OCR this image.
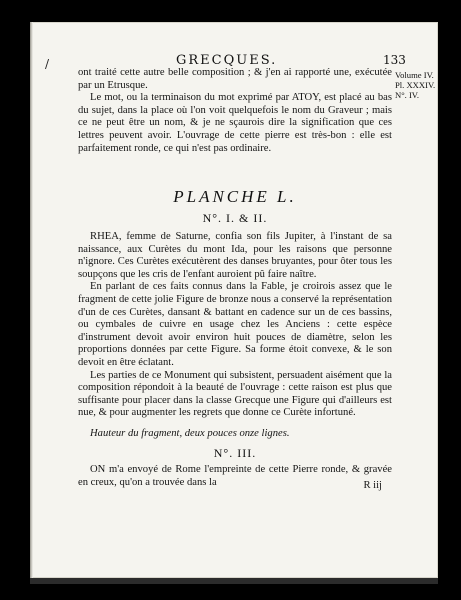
/	GRECQUES.	133
Volume IV.
Pl. XXXIV.
N°. IV.

ont traité cette autre belle composition ; & j'en ai rapporté une, exécutée par un Etrusque.

Le mot, ou la terminaison du mot exprimé par ATOY, est placé au bas du sujet, dans la place où l'on voit quelquefois le nom du Graveur ; mais ce ne peut être un nom, & je ne sçaurois dire la signification que ces lettres peuvent avoir. L'ouvrage de cette pierre est très-bon : elle est parfaitement ronde, ce qui n'est pas ordinaire.

PLANCHE L.
N°. I. & II.

RHEA, femme de Saturne, confia son fils Jupiter, à l'instant de sa naissance, aux Curètes du mont Ida, pour les raisons que personne n'ignore. Ces Curètes exécutèrent des danses bruyantes, pour ôter tous les soupçons que les cris de l'enfant auroient pû faire naître.

En parlant de ces faits connus dans la Fable, je croirois assez que le fragment de cette jolie Figure de bronze nous a conservé la représentation d'un de ces Curètes, dansant & battant en cadence sur un de ces bassins, ou cymbales de cuivre en usage chez les Anciens : cette espèce d'instrument devoit avoir environ huit pouces de diamètre, selon les proportions données par cette Figure. Sa forme étoit convexe, & le son devoit en être éclatant.

Les parties de ce Monument qui subsistent, persuadent aisément que la composition répondoit à la beauté de l'ouvrage : cette raison est plus que suffisante pour placer dans la classe Grecque une Figure qui d'ailleurs est nue, & pour augmenter les regrets que donne ce Curète infortuné.

Hauteur du fragment, deux pouces onze lignes.
N°. III.

ON m'a envoyé de Rome l'empreinte de cette Pierre ronde, & gravée en creux, qu'on a trouvée dans la	R iij
